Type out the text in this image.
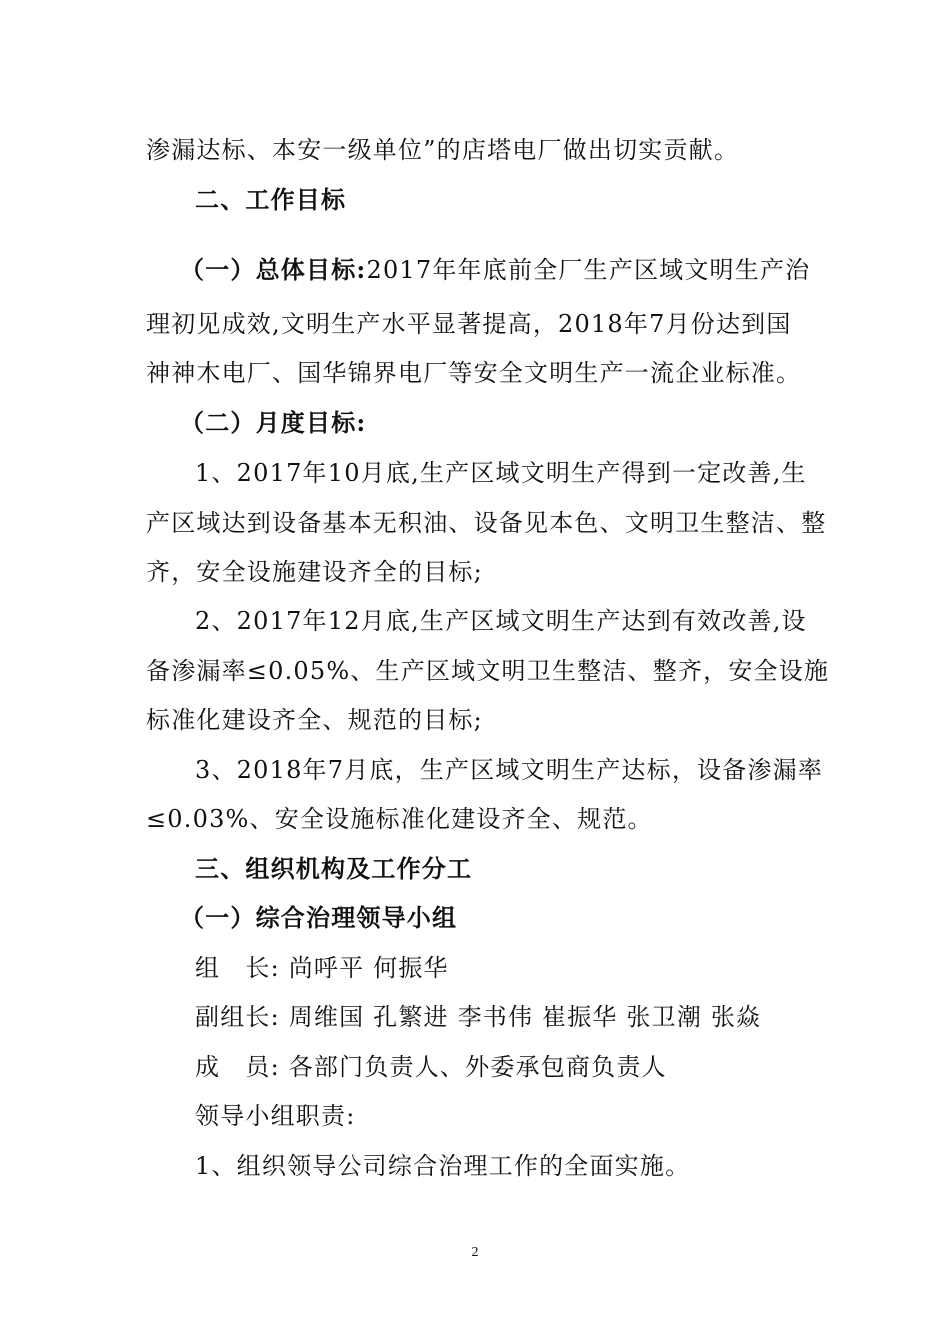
渗漏达标、本安一级单位”的店塔电厂做出切实贡献。
二、工作目标
（一）总体目标:2017年年底前全厂生产区域文明生产治
理初见成效,文明生产水平显著提高，2018年7月份达到国
神神木电厂、国华锦界电厂等安全文明生产一流企业标准。
（二）月度目标:
1、2017年10月底,生产区域文明生产得到一定改善,生
产区域达到设备基本无积油、设备见本色、文明卫生整洁、整
齐，安全设施建设齐全的目标;
2、2017年12月底,生产区域文明生产达到有效改善,设
备渗漏率≤0.05%、生产区域文明卫生整洁、整齐，安全设施
标准化建设齐全、规范的目标;
3、2018年7月底，生产区域文明生产达标，设备渗漏率
≤0.03%、安全设施标准化建设齐全、规范。
三、组织机构及工作分工
（一）综合治理领导小组
组　长: 尚呼平 何振华
副组长: 周维国 孔繁进 李书伟 崔振华 张卫潮 张焱
成　员: 各部门负责人、外委承包商负责人
领导小组职责:
1、组织领导公司综合治理工作的全面实施。
2
